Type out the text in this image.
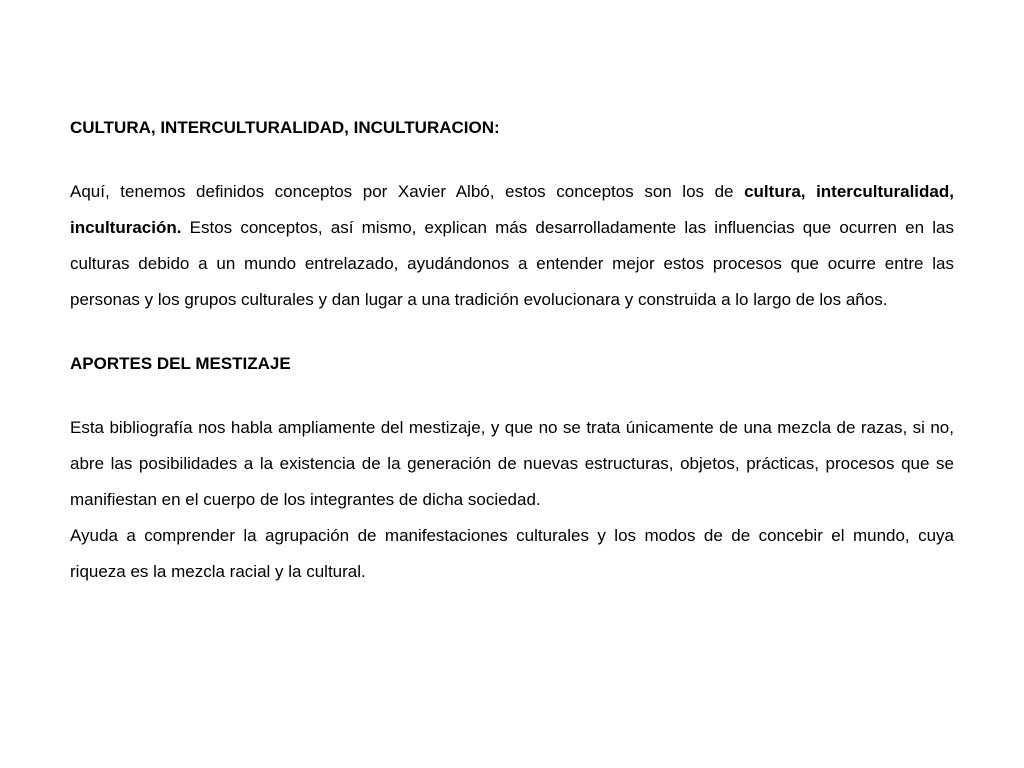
CULTURA, INTERCULTURALIDAD, INCULTURACION:

Aquí, tenemos definidos conceptos por Xavier Albó, estos conceptos son los de cultura, interculturalidad, inculturación. Estos conceptos, así mismo, explican más desarrolladamente las influencias que ocurren en las culturas debido a un mundo entrelazado, ayudándonos a entender mejor estos procesos que ocurre entre las personas y los grupos culturales y dan lugar a una tradición evolucionara y construida a lo largo de los años.

APORTES DEL MESTIZAJE

Esta bibliografía nos habla ampliamente del mestizaje, y que no se trata únicamente de una mezcla de razas, si no, abre las posibilidades a la existencia de la generación de nuevas estructuras, objetos, prácticas, procesos que se manifiestan en el cuerpo de los integrantes de dicha sociedad.

Ayuda a comprender la agrupación de manifestaciones culturales y los modos de de concebir el mundo, cuya riqueza es la mezcla racial y la cultural.
